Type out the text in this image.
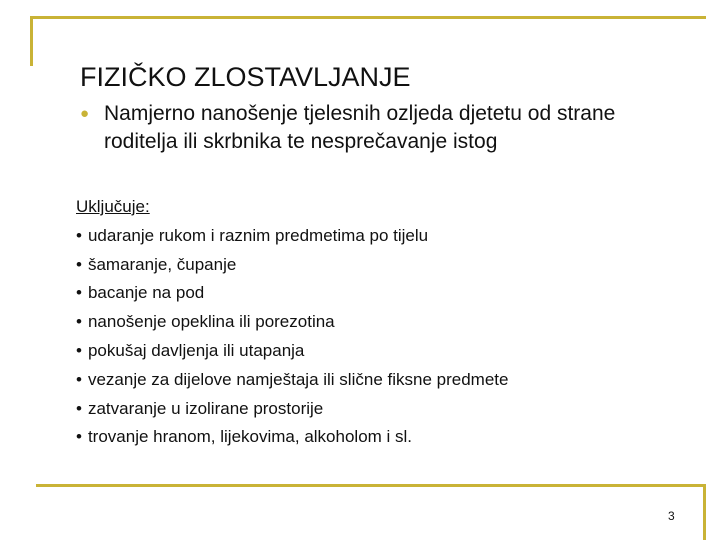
FIZIČKO ZLOSTAVLJANJE
● Namjerno nanošenje tjelesnih ozljeda djetetu od strane roditelja ili skrbnika te nesprečavanje istog
Uključuje:
• udaranje rukom i raznim predmetima po tijelu
• šamaranje, čupanje
• bacanje na pod
• nanošenje opeklina ili porezotina
• pokušaj davljenja ili utapanja
• vezanje za dijelove namještaja ili slične fiksne predmete
• zatvaranje u izolirane prostorije
• trovanje hranom, lijekovima, alkoholom i sl.
3
